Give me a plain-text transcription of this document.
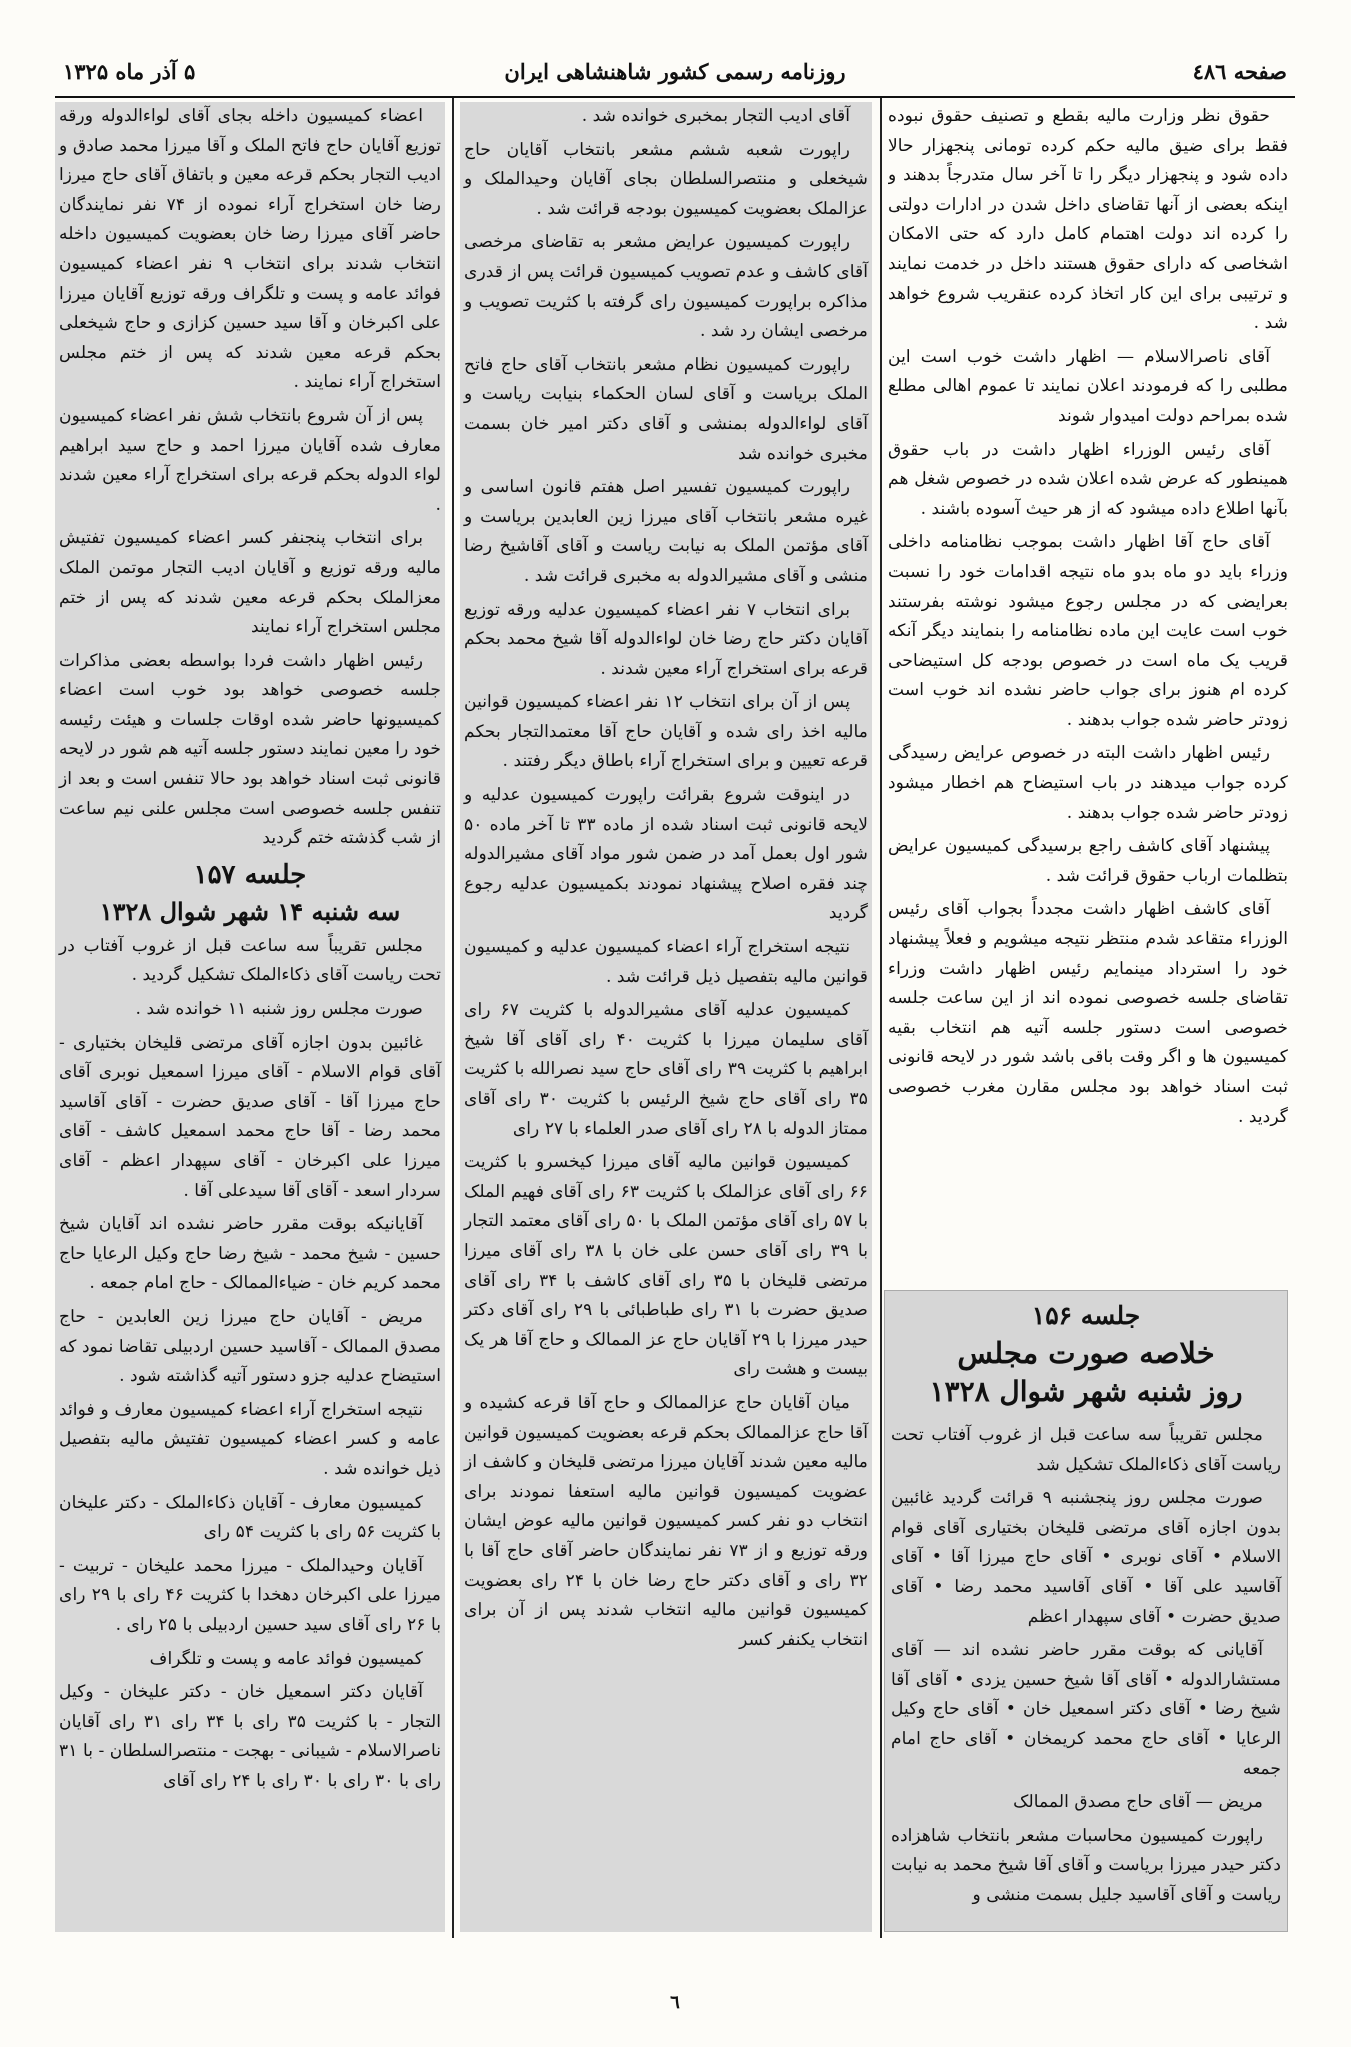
صفحه ٤٨٦
روزنامه رسمی کشور شاهنشاهی ایران
۵ آذر ماه ۱۳۲۵

حقوق نظر وزارت مالیه بقطع و تصنیف حقوق نبوده فقط برای ضیق مالیه حکم کرده تومانی پنجهزار حالا داده شود و پنجهزار دیگر را تا آخر سال متدرجاً بدهند و اینکه بعضی از آنها تقاضای داخل شدن در ادارات دولتی را کرده اند دولت اهتمام کامل دارد که حتی الامکان اشخاصی که دارای حقوق هستند داخل در خدمت نمایند و ترتیبی برای این کار اتخاذ کرده عنقریب شروع خواهد شد .

آقای ناصرالاسلام — اظهار داشت خوب است این مطلبی را که فرمودند اعلان نمایند تا عموم اهالی مطلع شده بمراحم دولت امیدوار شوند

آقای رئیس الوزراء اظهار داشت در باب حقوق همینطور که عرض شده اعلان شده در خصوص شغل هم بآنها اطلاع داده میشود که از هر حیث آسوده باشند .

آقای حاج آقا اظهار داشت بموجب نظامنامه داخلی وزراء باید دو ماه بدو ماه نتیجه اقدامات خود را نسبت بعرایضی که در مجلس رجوع میشود نوشته بفرستند خوب است عایت این ماده نظامنامه را بنمایند دیگر آنکه قریب یک ماه است در خصوص بودجه کل استیضاحی کرده ام هنوز برای جواب حاضر نشده اند خوب است زودتر حاضر شده جواب بدهند .

رئیس اظهار داشت البته در خصوص عرایض رسیدگی کرده جواب میدهند در باب استیضاح هم اخطار میشود زودتر حاضر شده جواب بدهند .

پیشنهاد آقای کاشف راجع برسیدگی کمیسیون عرایض بتظلمات ارباب حقوق قرائت شد .

آقای کاشف اظهار داشت مجدداً بجواب آقای رئیس الوزراء متقاعد شدم منتظر نتیجه میشویم و فعلاً پیشنهاد خود را استرداد مینمایم رئیس اظهار داشت وزراء تقاضای جلسه خصوصی نموده اند از این ساعت جلسه خصوصی است دستور جلسه آتیه هم انتخاب بقیه کمیسیون ها و اگر وقت باقی باشد شور در لایحه قانونی ثبت اسناد خواهد بود مجلس مقارن مغرب خصوصی گردید .

جلسه ۱۵۶
خلاصه صورت مجلس
روز شنبه شهر شوال ۱۳۲۸

مجلس تقریباً سه ساعت قبل از غروب آفتاب تحت ریاست آقای ذکاءالملک تشکیل شد

صورت مجلس روز پنجشنبه ۹ قرائت گردید غائبین بدون اجازه آقای مرتضی قلیخان بختیاری آقای قوام الاسلام • آقای نوبری • آقای حاج میرزا آقا • آقای آقاسید علی آقا • آقای آقاسید محمد رضا • آقای صدیق حضرت • آقای سپهدار اعظم

آقایانی که بوقت مقرر حاضر نشده اند — آقای مستشارالدوله • آقای آقا شیخ حسین یزدی • آقای آقا شیخ رضا • آقای دکتر اسمعیل خان • آقای حاج وکیل الرعایا • آقای حاج محمد کریمخان • آقای حاج امام جمعه

مریض — آقای حاج مصدق الممالک

راپورت کمیسیون محاسبات مشعر بانتخاب شاهزاده دکتر حیدر میرزا بریاست و آقای آقا شیخ محمد به نیابت ریاست و آقای آقاسید جلیل بسمت منشی و

آقای ادیب التجار بمخبری خوانده شد .

راپورت شعبه ششم مشعر بانتخاب آقایان حاج شیخعلی و منتصرالسلطان بجای آقایان وحیدالملک و عزالملک بعضویت کمیسیون بودجه قرائت شد .

راپورت کمیسیون عرایض مشعر به تقاضای مرخصی آقای کاشف و عدم تصویب کمیسیون قرائت پس از قدری مذاکره براپورت کمیسیون رای گرفته با کثریت تصویب و مرخصی ایشان رد شد .

راپورت کمیسیون نظام مشعر بانتخاب آقای حاج فاتح الملک بریاست و آقای لسان الحکماء بنیابت ریاست و آقای لواءالدوله بمنشی و آقای دکتر امیر خان بسمت مخبری خوانده شد

راپورت کمیسیون تفسیر اصل هفتم قانون اساسی و غیره مشعر بانتخاب آقای میرزا زین العابدین بریاست و آقای مؤتمن الملک به نیابت ریاست و آقای آقاشیخ رضا منشی و آقای مشیرالدوله به مخبری قرائت شد .

برای انتخاب ۷ نفر اعضاء کمیسیون عدلیه ورقه توزیع آقایان دکتر حاج رضا خان لواءالدوله آقا شیخ محمد بحکم قرعه برای استخراج آراء معین شدند .

پس از آن برای انتخاب ۱۲ نفر اعضاء کمیسیون قوانین مالیه اخذ رای شده و آقایان حاج آقا معتمدالتجار بحکم قرعه تعیین و برای استخراج آراء باطاق دیگر رفتند .

در اینوقت شروع بقرائت راپورت کمیسیون عدلیه و لایحه قانونی ثبت اسناد شده از ماده ۳۳ تا آخر ماده ۵۰ شور اول بعمل آمد در ضمن شور مواد آقای مشیرالدوله چند فقره اصلاح پیشنهاد نمودند بکمیسیون عدلیه رجوع گردید

نتیجه استخراج آراء اعضاء کمیسیون عدلیه و کمیسیون قوانین مالیه بتفصیل ذیل قرائت شد .

کمیسیون عدلیه آقای مشیرالدوله با کثریت ۶۷ رای آقای سلیمان میرزا با کثریت ۴۰ رای آقای آقا شیخ ابراهیم با کثریت ۳۹ رای آقای حاج سید نصرالله با کثریت ۳۵ رای آقای حاج شیخ الرئیس با کثریت ۳۰ رای آقای ممتاز الدوله با ۲۸ رای آقای صدر العلماء با ۲۷ رای

کمیسیون قوانین مالیه آقای میرزا کیخسرو با کثریت ۶۶ رای آقای عزالملک با کثریت ۶۳ رای آقای فهیم الملک با ۵۷ رای آقای مؤتمن الملک با ۵۰ رای آقای معتمد التجار با ۳۹ رای آقای حسن علی خان با ۳۸ رای آقای میرزا مرتضی قلیخان با ۳۵ رای آقای کاشف با ۳۴ رای آقای صدیق حضرت با ۳۱ رای طباطبائی با ۲۹ رای آقای دکتر حیدر میرزا با ۲۹ آقایان حاج عز الممالک و حاج آقا هر یک بیست و هشت رای

میان آقایان حاج عزالممالک و حاج آقا قرعه کشیده و آقا حاج عزالممالک بحکم قرعه بعضویت کمیسیون قوانین مالیه معین شدند آقایان میرزا مرتضی قلیخان و کاشف از عضویت کمیسیون قوانین مالیه استعفا نمودند برای انتخاب دو نفر کسر کمیسیون قوانین مالیه عوض ایشان ورقه توزیع و از ۷۳ نفر نمایندگان حاضر آقای حاج آقا با ۳۲ رای و آقای دکتر حاج رضا خان با ۲۴ رای بعضویت کمیسیون قوانین مالیه انتخاب شدند پس از آن برای انتخاب یکنفر کسر

اعضاء کمیسیون داخله بجای آقای لواءالدوله ورقه توزیع آقایان حاج فاتح الملک و آقا میرزا محمد صادق و ادیب التجار بحکم قرعه معین و باتفاق آقای حاج میرزا رضا خان استخراج آراء نموده از ۷۴ نفر نمایندگان حاضر آقای میرزا رضا خان بعضویت کمیسیون داخله انتخاب شدند برای انتخاب ۹ نفر اعضاء کمیسیون فوائد عامه و پست و تلگراف ورقه توزیع آقایان میرزا علی اکبرخان و آقا سید حسین کزازی و حاج شیخعلی بحکم قرعه معین شدند که پس از ختم مجلس استخراج آراء نمایند .

پس از آن شروع بانتخاب شش نفر اعضاء کمیسیون معارف شده آقایان میرزا احمد و حاج سید ابراهیم لواء الدوله بحکم قرعه برای استخراج آراء معین شدند .

برای انتخاب پنجنفر کسر اعضاء کمیسیون تفتیش مالیه ورقه توزیع و آقایان ادیب التجار موتمن الملک معزالملک بحکم قرعه معین شدند که پس از ختم مجلس استخراج آراء نمایند

رئیس اظهار داشت فردا بواسطه بعضی مذاکرات جلسه خصوصی خواهد بود خوب است اعضاء کمیسیونها حاضر شده اوقات جلسات و هیئت رئیسه خود را معین نمایند دستور جلسه آتیه هم شور در لایحه قانونی ثبت اسناد خواهد بود حالا تنفس است و بعد از تنفس جلسه خصوصی است مجلس علنی نیم ساعت از شب گذشته ختم گردید

جلسه ۱۵۷

سه شنبه ۱۴ شهر شوال ۱۳۲۸

مجلس تقریباً سه ساعت قبل از غروب آفتاب در تحت ریاست آقای ذکاءالملک تشکیل گردید .

صورت مجلس روز شنبه ۱۱ خوانده شد .

غائبین بدون اجازه آقای مرتضی قلیخان بختیاری - آقای قوام الاسلام - آقای میرزا اسمعیل نوبری آقای حاج میرزا آقا - آقای صدیق حضرت - آقای آقاسید محمد رضا - آقا حاج محمد اسمعیل کاشف - آقای میرزا علی اکبرخان - آقای سپهدار اعظم - آقای سردار اسعد - آقای آقا سیدعلی آقا .

آقایانیکه بوقت مقرر حاضر نشده اند آقایان شیخ حسین - شیخ محمد - شیخ رضا حاج وکیل الرعایا حاج محمد کریم خان - ضیاءالممالک - حاج امام جمعه .

مریض - آقایان حاج میرزا زین العابدین - حاج مصدق الممالک - آقاسید حسین اردبیلی تقاضا نمود که استیضاح عدلیه جزو دستور آتیه گذاشته شود .

نتیجه استخراج آراء اعضاء کمیسیون معارف و فوائد عامه و کسر اعضاء کمیسیون تفتیش مالیه بتفصیل ذیل خوانده شد .

کمیسیون معارف - آقایان ذکاءالملک - دکتر علیخان با کثریت ۵۶ رای با کثریت ۵۴ رای

آقایان وحیدالملک - میرزا محمد علیخان - تربیت - میرزا علی اکبرخان دهخدا با کثریت ۴۶ رای با ۲۹ رای با ۲۶ رای آقای سید حسین اردبیلی با ۲۵ رای .

کمیسیون فوائد عامه و پست و تلگراف

آقایان دکتر اسمعیل خان - دکتر علیخان - وکیل التجار - با کثریت ۳۵ رای با ۳۴ رای ۳۱ رای آقایان ناصرالاسلام - شیبانی - بهجت - منتصرالسلطان - با ۳۱ رای با ۳۰ رای با ۳۰ رای با ۲۴ رای آقای

٦
